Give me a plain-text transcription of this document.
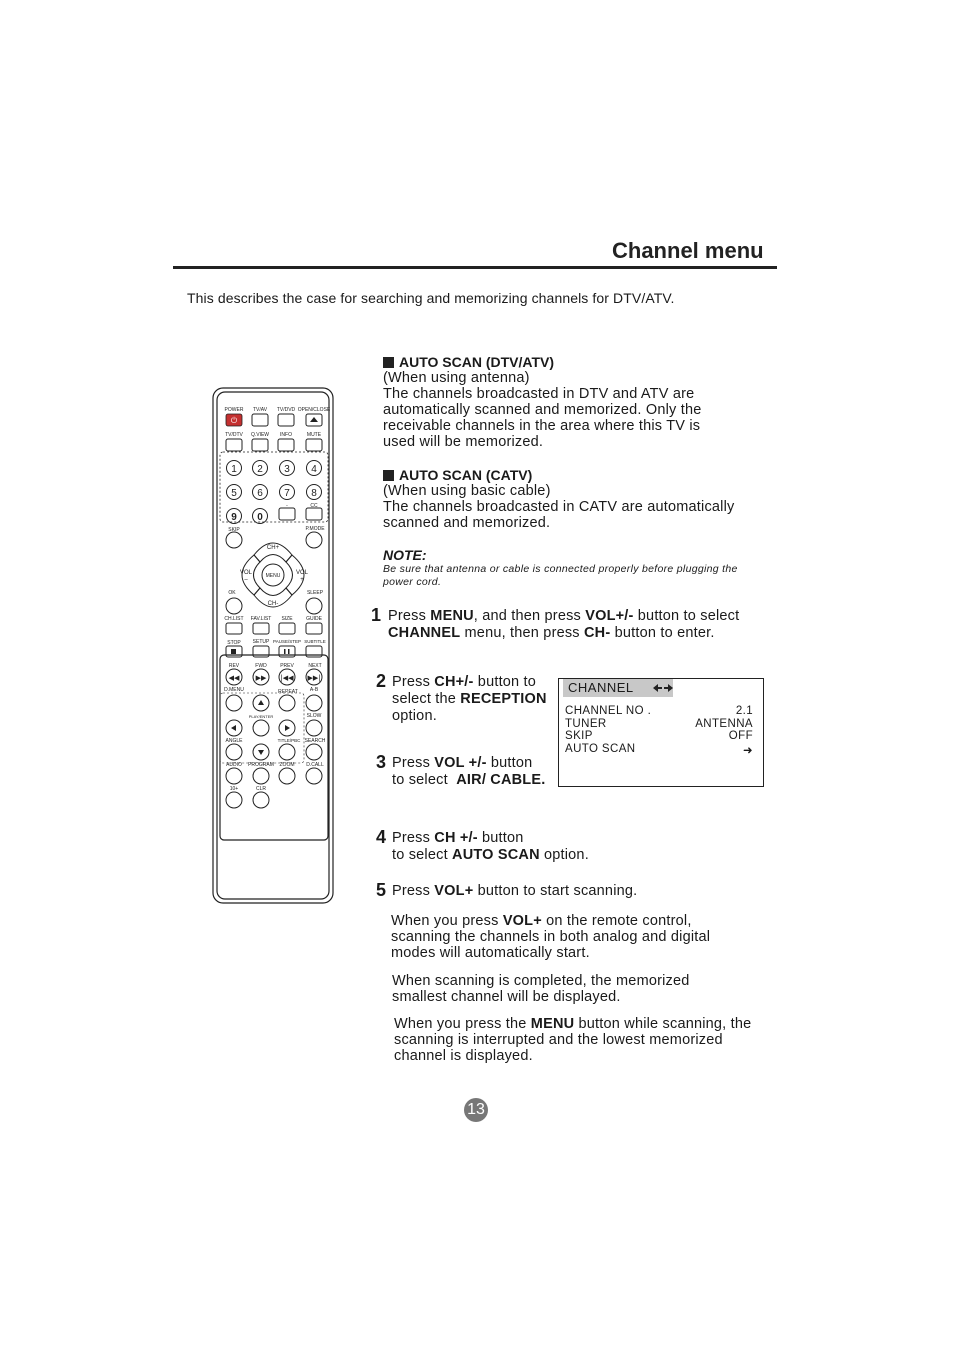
Channel menu
This describes the case for searching and memorizing channels for DTV/ATV.
POWER TV/AV TV/DVD OPEN/CLOSE
⏻
TV/DTV Q.VIEW INFO	MUTE
1 2 3 4
5 6 7 8
9 0
-	CC
SKIP	P.MODE
CH+
CH-
VOL	VOL
–	+
MENU
OK	SLEEP
CH.LIST FAV.LIST SIZE	GUIDE
STOP SETUP PAUSE/STEP SUBTITLE
REV	FWD	PREV	NEXT
◀◀ ▶▶ |◀◀ ▶▶|
D.MENU	REPEAT A-B
PLAY/ENTER	SLOW
ANGLE	TITLE/PBC SEARCH
AUDIO PROGRAM ZOOM D.CALL
10+	CLR
AUTO SCAN (DTV/ATV)
(When using antenna)
The channels broadcasted in DTV and ATV are
automatically scanned and memorized. Only the
receivable channels in the area where this TV is
used will be memorized.
AUTO SCAN (CATV)
(When using basic cable)
The channels broadcasted in CATV are automatically
scanned and memorized.
NOTE:
Be sure that antenna or cable is connected properly before plugging the
power cord.
1 Press MENU, and then press VOL+/- button to select
CHANNEL menu, then press CH- button to enter.
2 Press CH+/- button to
select the RECEPTION
option.
CHANNEL
CHANNEL NO .	2.1
TUNER	ANTENNA
SKIP	OFF
AUTO SCAN	➜
3 Press VOL +/- button
to select  AIR/ CABLE.
4 Press CH +/- button
to select AUTO SCAN option.
5 Press VOL+ button to start scanning.
When you press VOL+ on the remote control,
scanning the channels in both analog and digital
modes will automatically start.
When scanning is completed, the memorized
smallest channel will be displayed.
When you press the MENU button while scanning, the
scanning is interrupted and the lowest memorized
channel is displayed.
13
